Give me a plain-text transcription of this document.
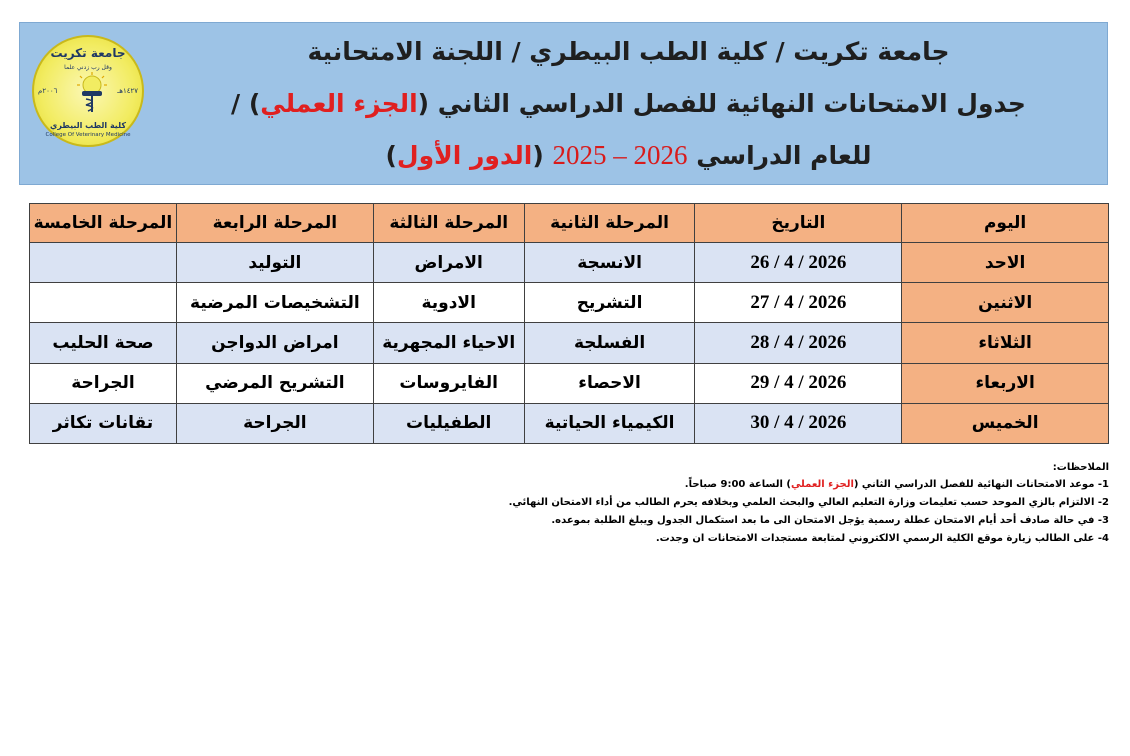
جامعة تكريت
وقل رب زدني علما
٢٠٠٦م	١٤٢٧هـ
كلية الطب البيطري
College Of Veterinary Medicine
جامعة تكريت / كلية الطب البيطري / اللجنة الامتحانية
جدول الامتحانات النهائية للفصل الدراسي الثاني (الجزء العملي) /
للعام الدراسي 2025 – 2026 (الدور الأول)
اليوم	التاريخ	المرحلة الثانية	المرحلة الثالثة	المرحلة الرابعة	المرحلة الخامسة
الاحد	26 / 4 / 2026	الانسجة	الامراض	التوليد	
الاثنين	27 / 4 / 2026	التشريح	الادوية	التشخيصات المرضية	
الثلاثاء	28 / 4 / 2026	الفسلجة	الاحياء المجهرية	امراض الدواجن	صحة الحليب
الاربعاء	29 / 4 / 2026	الاحصاء	الفايروسات	التشريح المرضي	الجراحة
الخميس	30 / 4 / 2026	الكيمياء الحياتية	الطفيليات	الجراحة	تقانات تكاثر
الملاحظات:
1- موعد الامتحانات النهائية للفصل الدراسي الثاني (الجزء العملي) الساعة 9:00 صباحاً.
2- الالتزام بالزي الموحد حسب تعليمات وزارة التعليم العالي والبحث العلمي وبخلافه يحرم الطالب من أداء الامتحان النهائي.
3- في حالة صادف أحد أيام الامتحان عطلة رسمية يؤجل الامتحان الى ما بعد استكمال الجدول ويبلغ الطلبة بموعده.
4- على الطالب زيارة موقع الكلية الرسمي الالكتروني لمتابعة مستجدات الامتحانات ان وجدت.
